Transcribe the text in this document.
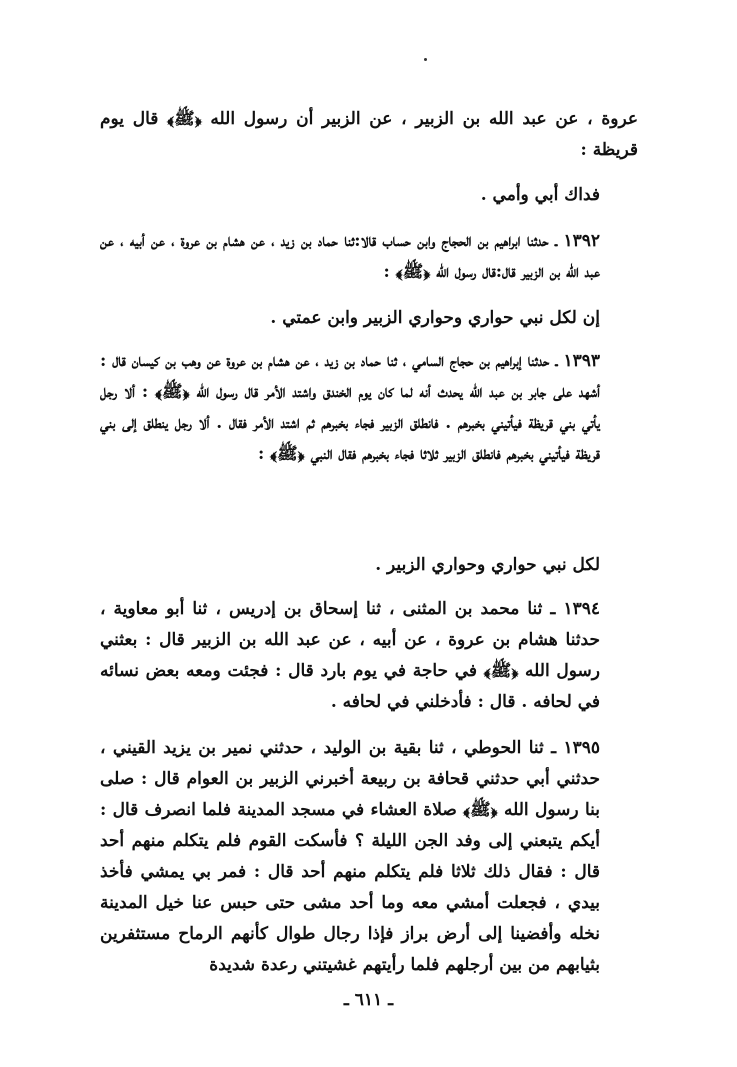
عروة ، عن عبد الله بن الزبير ، عن الزبير أن رسول الله ﴿ﷺ﴾ قال يوم قريظة :

فداك أبي وأمي .

١٣٩٢ ـ حدثنا ابراهيم بن الحجاج وابن حساب قالا:ثنا حماد بن زيد ، عن هشام بن عروة ، عن أبيه ، عن عبد الله بن الزبير قال:قال رسول الله ﴿ﷺ﴾ :

إن لكل نبي حواري وحواري الزبير وابن عمتي .

١٣٩٣ ـ حدثنا إبراهيم بن حجاج السامي ، ثنا حماد بن زيد ، عن هشام بن عروة عن وهب بن كيسان قال : أشهد على جابر بن عبد الله يحدث أنه لما كان يوم الخندق واشتد الأمر قال رسول الله ﴿ﷺ﴾ : ألا رجل يأتي بني قريظة فيأتيني بخبرهم . فانطلق الزبير فجاء بخبرهم ثم اشتد الأمر فقال . ألا رجل ينطلق إلى بني قريظة فيأتيني بخبرهم فانطلق الزبير ثلاثا فجاء بخبرهم فقال النبي ﴿ﷺ﴾ :

لكل نبي حواري وحواري الزبير .

١٣٩٤ ـ ثنا محمد بن المثنى ، ثنا إسحاق بن إدريس ، ثنا أبو معاوية ، حدثنا هشام بن عروة ، عن أبيه ، عن عبد الله بن الزبير قال : بعثني رسول الله ﴿ﷺ﴾ في حاجة في يوم بارد قال : فجئت ومعه بعض نسائه في لحافه . قال : فأدخلني في لحافه .

١٣٩٥ ـ ثنا الحوطي ، ثنا بقية بن الوليد ، حدثني نمير بن يزيد القيني ، حدثني أبي حدثني قحافة بن ربيعة أخبرني الزبير بن العوام قال : صلى بنا رسول الله ﴿ﷺ﴾ صلاة العشاء في مسجد المدينة فلما انصرف قال : أيكم يتبعني إلى وفد الجن الليلة ؟ فأسكت القوم فلم يتكلم منهم أحد قال : فقال ذلك ثلاثا فلم يتكلم منهم أحد قال : فمر بي يمشي فأخذ بيدي ، فجعلت أمشي معه وما أحد مشى حتى حبس عنا خيل المدينة نخله وأفضينا إلى أرض براز فإذا رجال طوال كأنهم الرماح مستثفرين بثيابهم من بين أرجلهم فلما رأيتهم غشيتني رعدة شديدة

ـ ٦١١ ـ
